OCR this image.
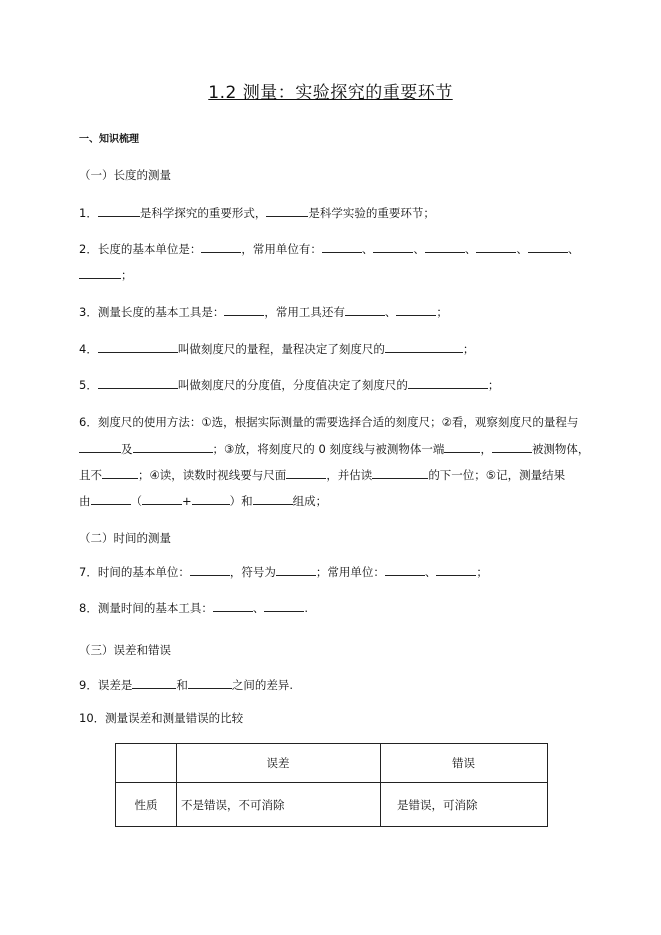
1.2 测量：实验探究的重要环节
一、知识梳理
（一）长度的测量
1．	是科学探究的重要形式，	是科学实验的重要环节；
2．长度的基本单位是：	，常用单位有：	、	、	、	、	、
；
3．测量长度的基本工具是：	，常用工具还有	、	；
4．	叫做刻度尺的量程，量程决定了刻度尺的	；
5．	叫做刻度尺的分度值，分度值决定了刻度尺的	；
6．刻度尺的使用方法：①选，根据实际测量的需要选择合适的刻度尺；②看，观察刻度尺的量程与
及	；③放，将刻度尺的 0 刻度线与被测物体一端	，	被测物体，
且不	；④读，读数时视线要与尺面	，并估读	的下一位；⑤记，测量结果
由	（	+	）和	组成；
（二）时间的测量
7．时间的基本单位：	，符号为	；常用单位：	、	；
8．测量时间的基本工具：	、	.
（三）误差和错误
9．误差是	和	之间的差异.
10．测量误差和测量错误的比较
	误差	错误
性质	不是错误，不可消除	是错误，可消除
